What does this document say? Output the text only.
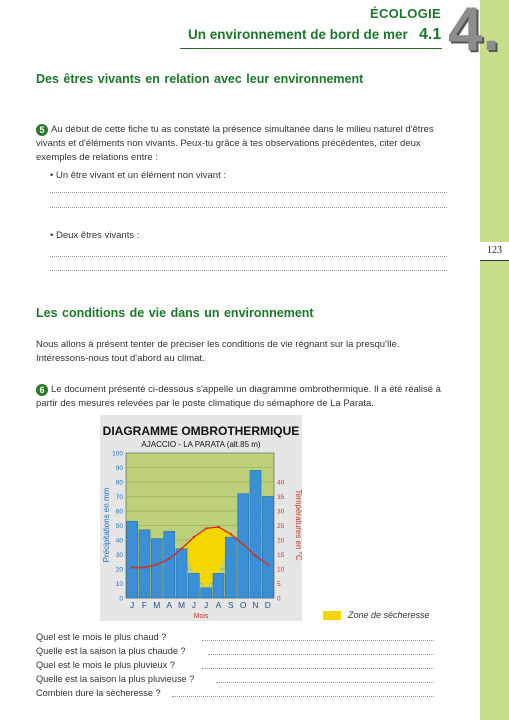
123
ÉCOLOGIE
Un environnement de bord de mer 4.1 4.
Des êtres vivants en relation avec leur environnement
5 Au début de cette fiche tu as constaté la présence simultanée dans le milieu naturel d'êtres vivants et d'éléments non vivants. Peux-tu grâce à tes observations précédentes, citer deux exemples de relations entre :
• Un être vivant et un élément non vivant :
• Deux êtres vivants :
Les conditions de vie dans un environnement
Nous allons à présent tenter de préciser les conditions de vie régnant sur la presqu'île. Intéressons-nous tout d'abord au climat.
6 Le document présenté ci-dessous s'appelle un diagramme ombrothermique. Il a été réalisé à partir des mesures relevées par le poste climatique du sémaphore de La Parata.
DIAGRAMME OMBROTHERMIQUE
AJACCIO - LA PARATA (alt.85 m)
0
10
20
30
40
50
60
70
80
90
100
0
5
10
15
20
25
30
35
40
J F M A M J J A S O N D
Mois
Précipitations en mm	Températures en °C
Zone de sécheresse
Quel est le mois le plus chaud ?
Quelle est la saison la plus chaude ?
Quel est le mois le plus pluvieux ?
Quelle est la saison la plus pluvieuse ?
Combien dure la sècheresse ?
